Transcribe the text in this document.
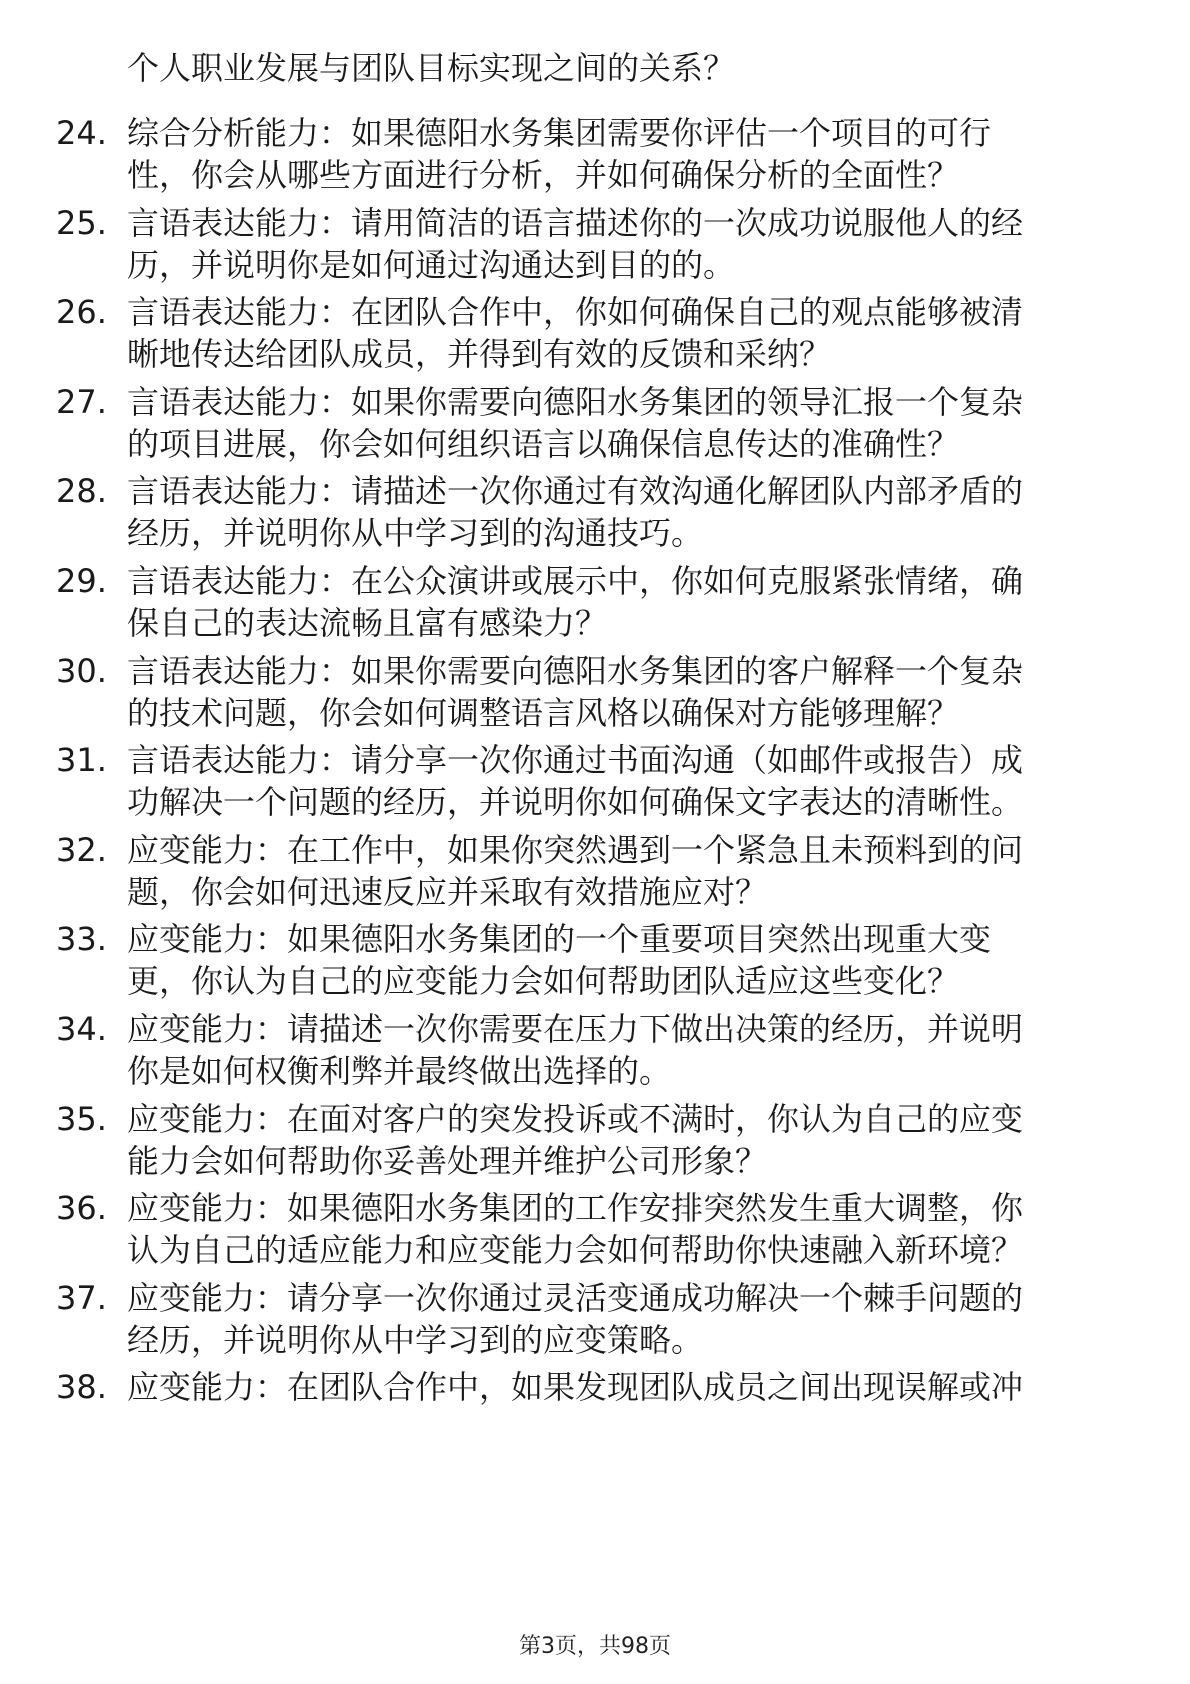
个人职业发展与团队目标实现之间的关系？
24. 综合分析能力：如果德阳水务集团需要你评估一个项目的可行
性，你会从哪些方面进行分析，并如何确保分析的全面性？
25. 言语表达能力：请用简洁的语言描述你的一次成功说服他人的经
历，并说明你是如何通过沟通达到目的的。
26. 言语表达能力：在团队合作中，你如何确保自己的观点能够被清
晰地传达给团队成员，并得到有效的反馈和采纳？
27. 言语表达能力：如果你需要向德阳水务集团的领导汇报一个复杂
的项目进展，你会如何组织语言以确保信息传达的准确性？
28. 言语表达能力：请描述一次你通过有效沟通化解团队内部矛盾的
经历，并说明你从中学习到的沟通技巧。
29. 言语表达能力：在公众演讲或展示中，你如何克服紧张情绪，确
保自己的表达流畅且富有感染力？
30. 言语表达能力：如果你需要向德阳水务集团的客户解释一个复杂
的技术问题，你会如何调整语言风格以确保对方能够理解？
31. 言语表达能力：请分享一次你通过书面沟通（如邮件或报告）成
功解决一个问题的经历，并说明你如何确保文字表达的清晰性。
32. 应变能力：在工作中，如果你突然遇到一个紧急且未预料到的问
题，你会如何迅速反应并采取有效措施应对？
33. 应变能力：如果德阳水务集团的一个重要项目突然出现重大变
更，你认为自己的应变能力会如何帮助团队适应这些变化？
34. 应变能力：请描述一次你需要在压力下做出决策的经历，并说明
你是如何权衡利弊并最终做出选择的。
35. 应变能力：在面对客户的突发投诉或不满时，你认为自己的应变
能力会如何帮助你妥善处理并维护公司形象？
36. 应变能力：如果德阳水务集团的工作安排突然发生重大调整，你
认为自己的适应能力和应变能力会如何帮助你快速融入新环境？
37. 应变能力：请分享一次你通过灵活变通成功解决一个棘手问题的
经历，并说明你从中学习到的应变策略。
38. 应变能力：在团队合作中，如果发现团队成员之间出现误解或冲
第3页，共98页
